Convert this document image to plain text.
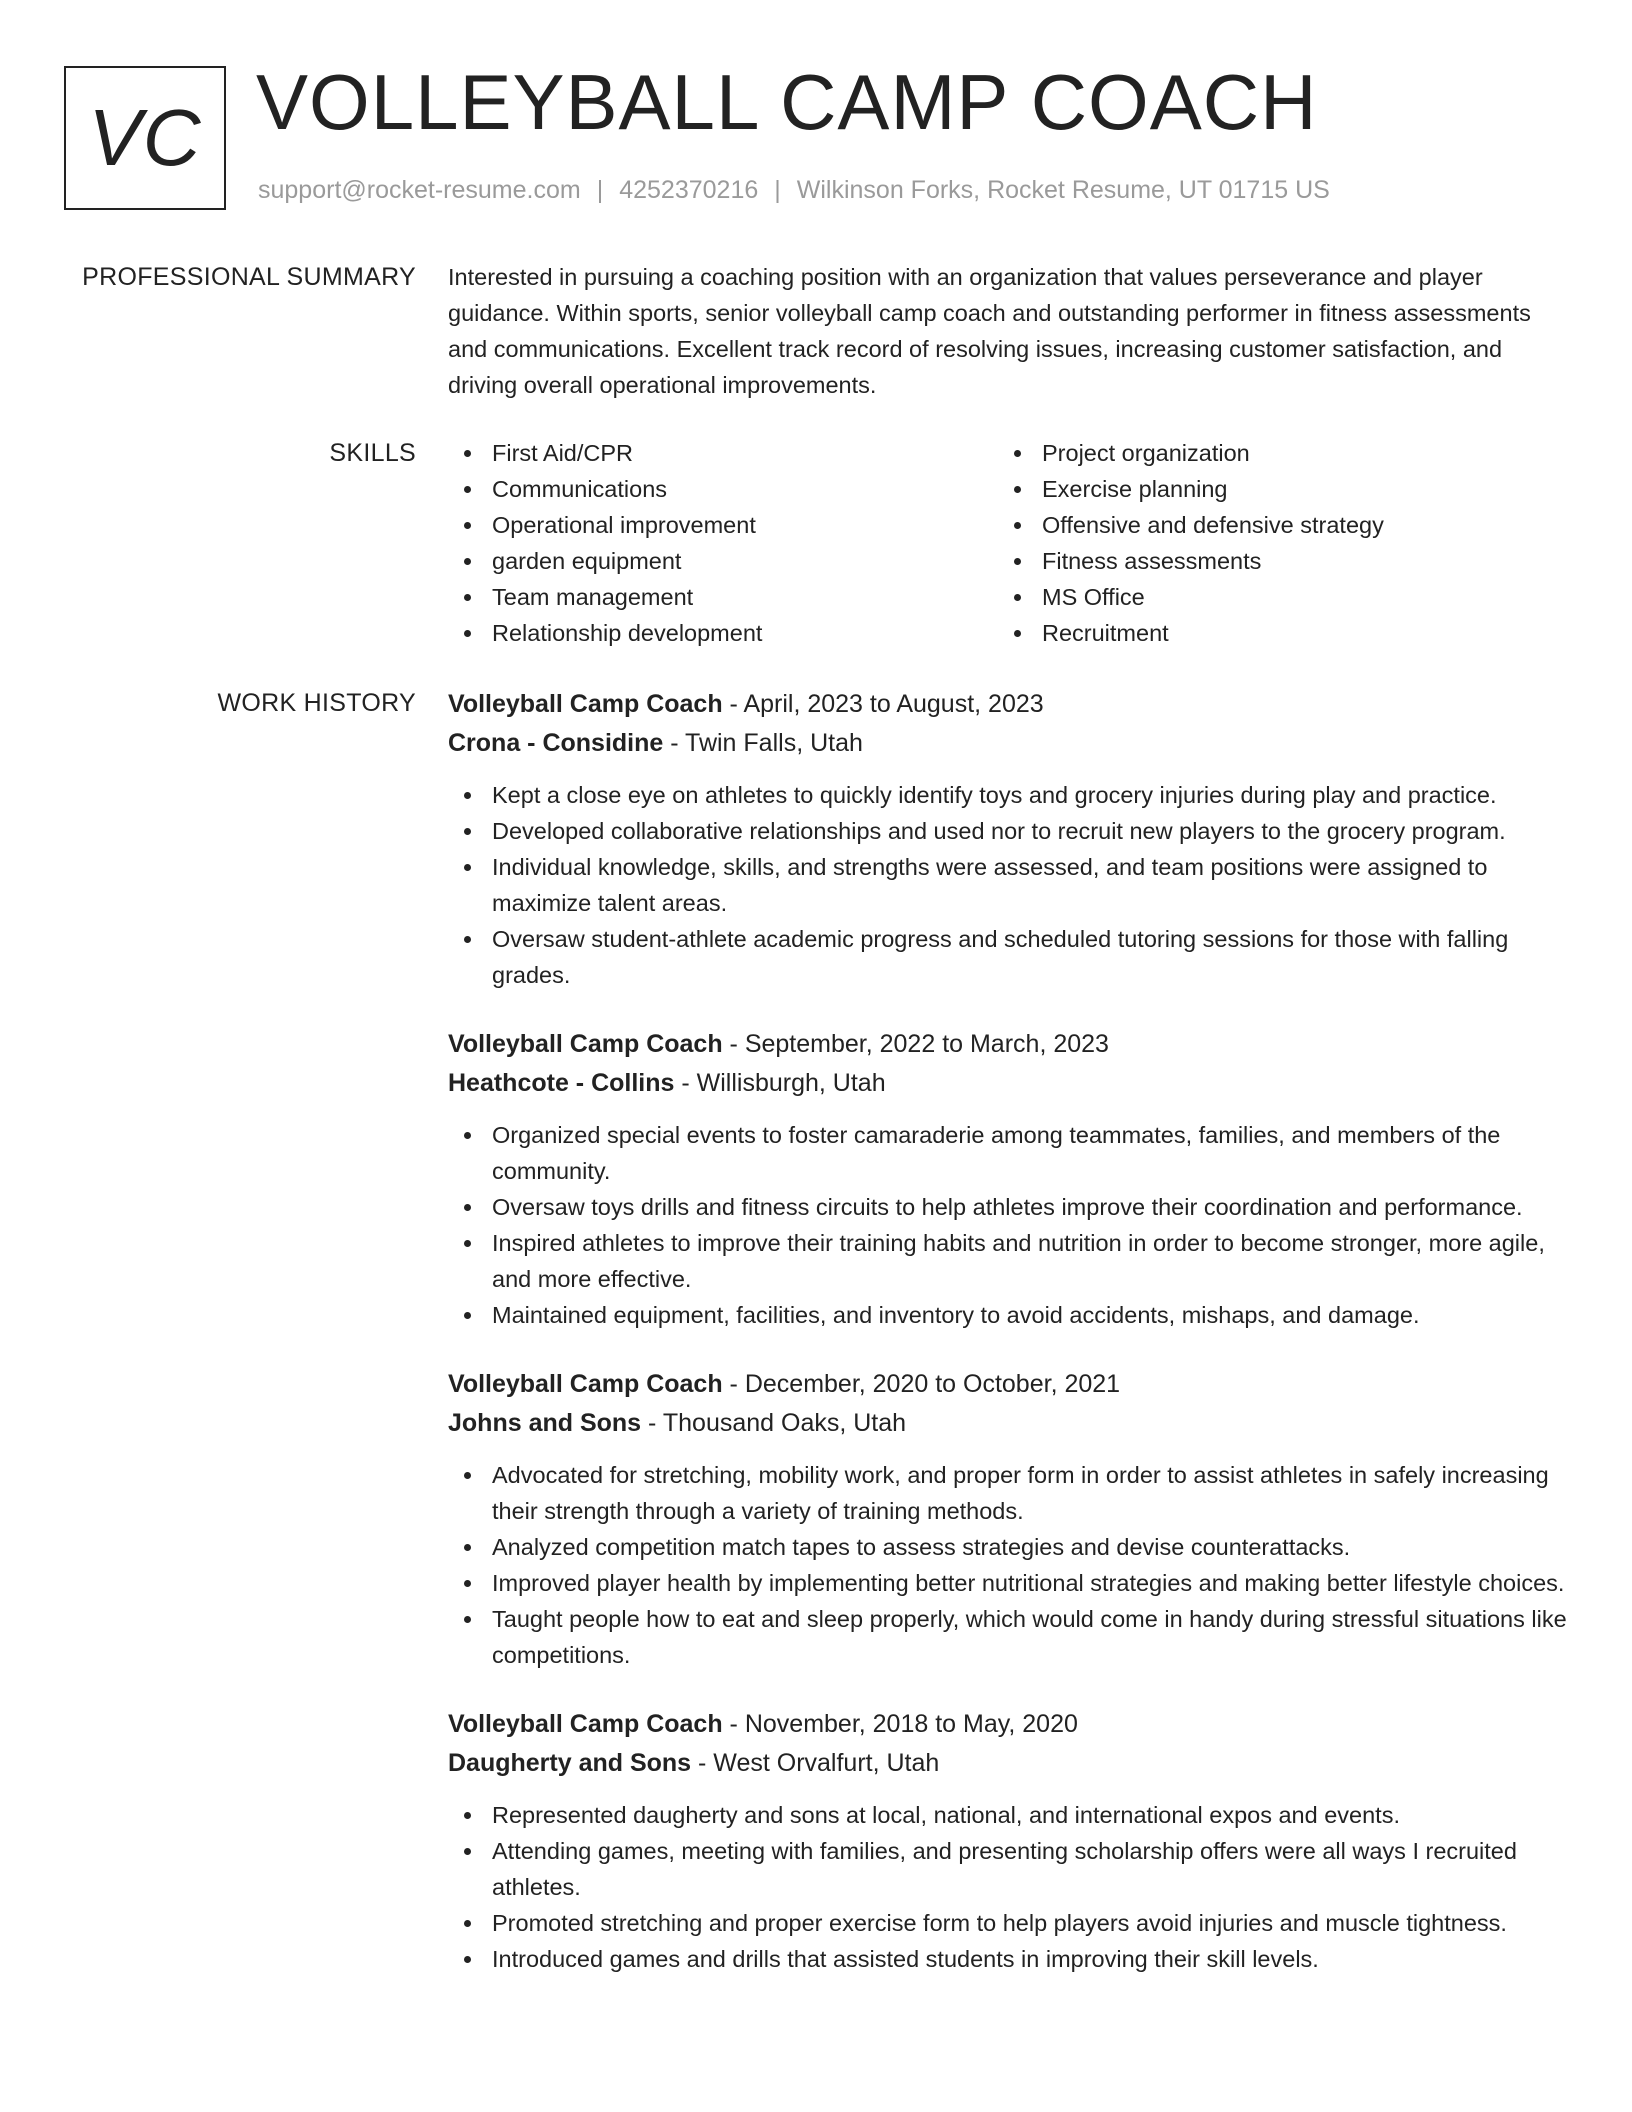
VC VOLLEYBALL CAMP COACH
support@rocket-resume.com | 4252370216 | Wilkinson Forks, Rocket Resume, UT 01715 US
PROFESSIONAL SUMMARY Interested in pursuing a coaching position with an organization that values perseverance and player guidance. Within sports, senior volleyball camp coach and outstanding performer in fitness assessments and communications. Excellent track record of resolving issues, increasing customer satisfaction, and driving overall operational improvements.
SKILLS	First Aid/CPR
Communications
Operational improvement
garden equipment
Team management
Relationship development
Project organization
Exercise planning
Offensive and defensive strategy
Fitness assessments
MS Office
Recruitment
WORK HISTORY Volleyball Camp Coach - April, 2023 to August, 2023
Crona - Considine - Twin Falls, Utah
Kept a close eye on athletes to quickly identify toys and grocery injuries during play and practice.
Developed collaborative relationships and used nor to recruit new players to the grocery program.
Individual knowledge, skills, and strengths were assessed, and team positions were assigned to maximize talent areas.
Oversaw student-athlete academic progress and scheduled tutoring sessions for those with falling grades.
Volleyball Camp Coach - September, 2022 to March, 2023
Heathcote - Collins - Willisburgh, Utah
Organized special events to foster camaraderie among teammates, families, and members of the community.
Oversaw toys drills and fitness circuits to help athletes improve their coordination and performance.
Inspired athletes to improve their training habits and nutrition in order to become stronger, more agile, and more effective.
Maintained equipment, facilities, and inventory to avoid accidents, mishaps, and damage.
Volleyball Camp Coach - December, 2020 to October, 2021
Johns and Sons - Thousand Oaks, Utah
Advocated for stretching, mobility work, and proper form in order to assist athletes in safely increasing their strength through a variety of training methods.
Analyzed competition match tapes to assess strategies and devise counterattacks.
Improved player health by implementing better nutritional strategies and making better lifestyle choices.
Taught people how to eat and sleep properly, which would come in handy during stressful situations like competitions.
Volleyball Camp Coach - November, 2018 to May, 2020
Daugherty and Sons - West Orvalfurt, Utah
Represented daugherty and sons at local, national, and international expos and events.
Attending games, meeting with families, and presenting scholarship offers were all ways I recruited athletes.
Promoted stretching and proper exercise form to help players avoid injuries and muscle tightness.
Introduced games and drills that assisted students in improving their skill levels.
